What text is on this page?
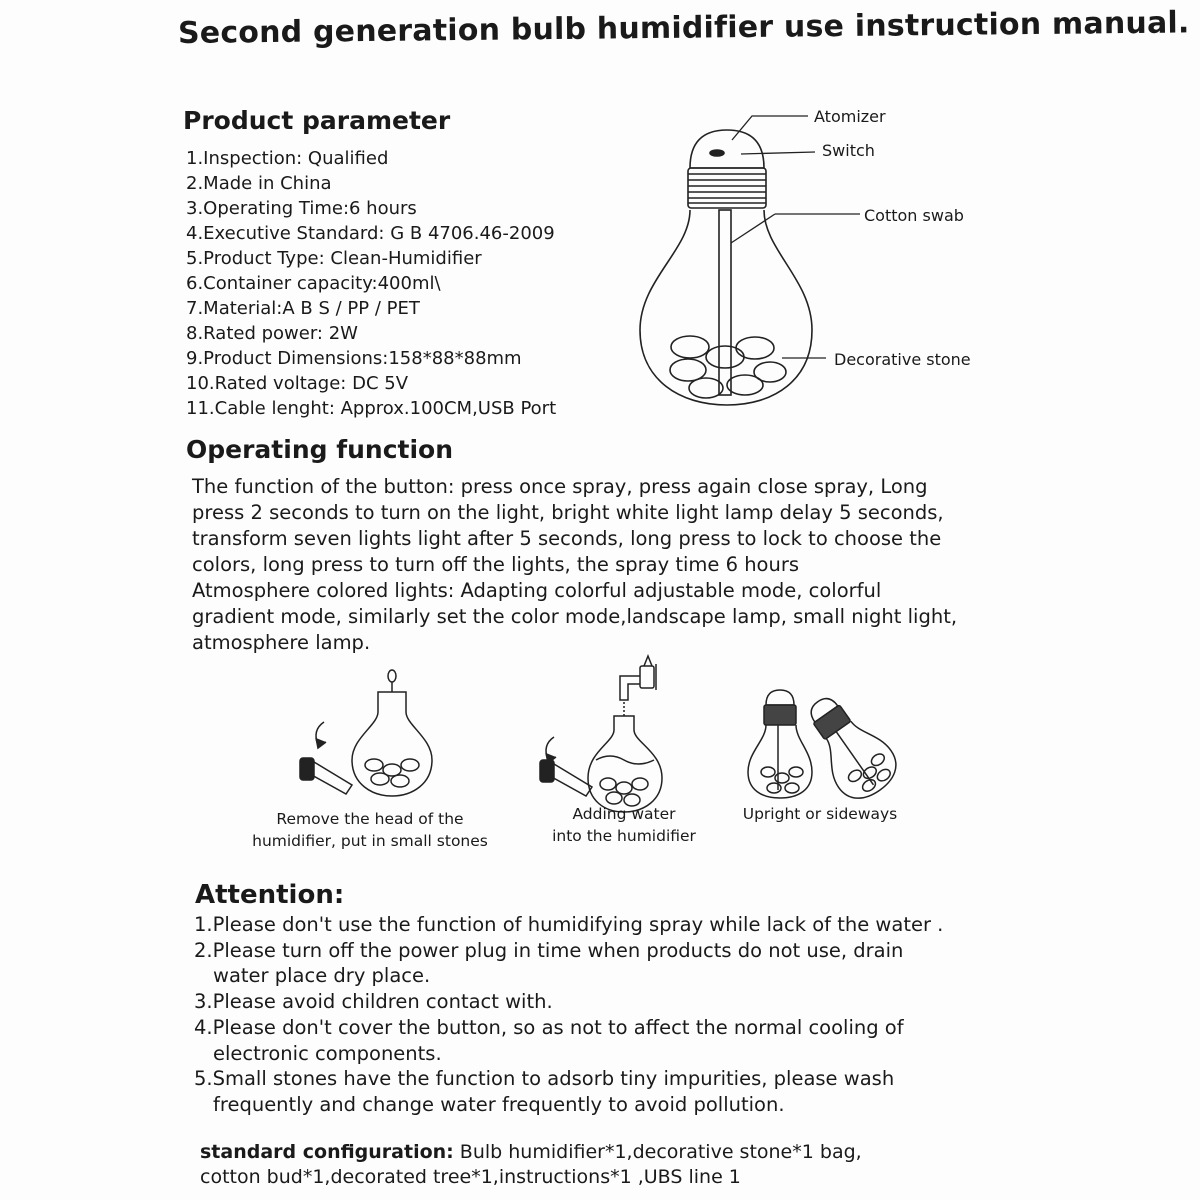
Second generation bulb humidifier use instruction manual.
Product parameter
1.Inspection: Qualified
2.Made in China
3.Operating Time:6 hours
4.Executive Standard: G B 4706.46-2009
5.Product Type: Clean-Humidifier
6.Container capacity:400ml\
7.Material:A B S / PP / PET
8.Rated power: 2W
9.Product Dimensions:158*88*88mm
10.Rated voltage: DC 5V
11.Cable lenght: Approx.100CM,USB Port
Atomizer
Switch
Cotton swab
Decorative stone
Operating function
The function of the button: press once spray, press again close spray, Long
press 2 seconds to turn on the light, bright white light lamp delay 5 seconds,
transform seven lights light after 5 seconds, long press to lock to choose the
colors, long press to turn off the lights, the spray time 6 hours
Atmosphere colored lights: Adapting colorful adjustable mode, colorful
gradient mode, similarly set the color mode,landscape lamp, small night light,
atmosphere lamp.
Remove the head of the
humidifier, put in small stones
Adding water
into the humidifier
Upright or sideways
Attention:
1.Please don't use the function of humidifying spray while lack of the water .
2.Please turn off the power plug in time when products do not use, drain
water place dry place.
3.Please avoid children contact with.
4.Please don't cover the button, so as not to affect the normal cooling of
electronic components.
5.Small stones have the function to adsorb tiny impurities, please wash
frequently and change water frequently to avoid pollution.
standard configuration: Bulb humidifier*1,decorative stone*1 bag,
cotton bud*1,decorated tree*1,instructions*1 ,UBS line 1
